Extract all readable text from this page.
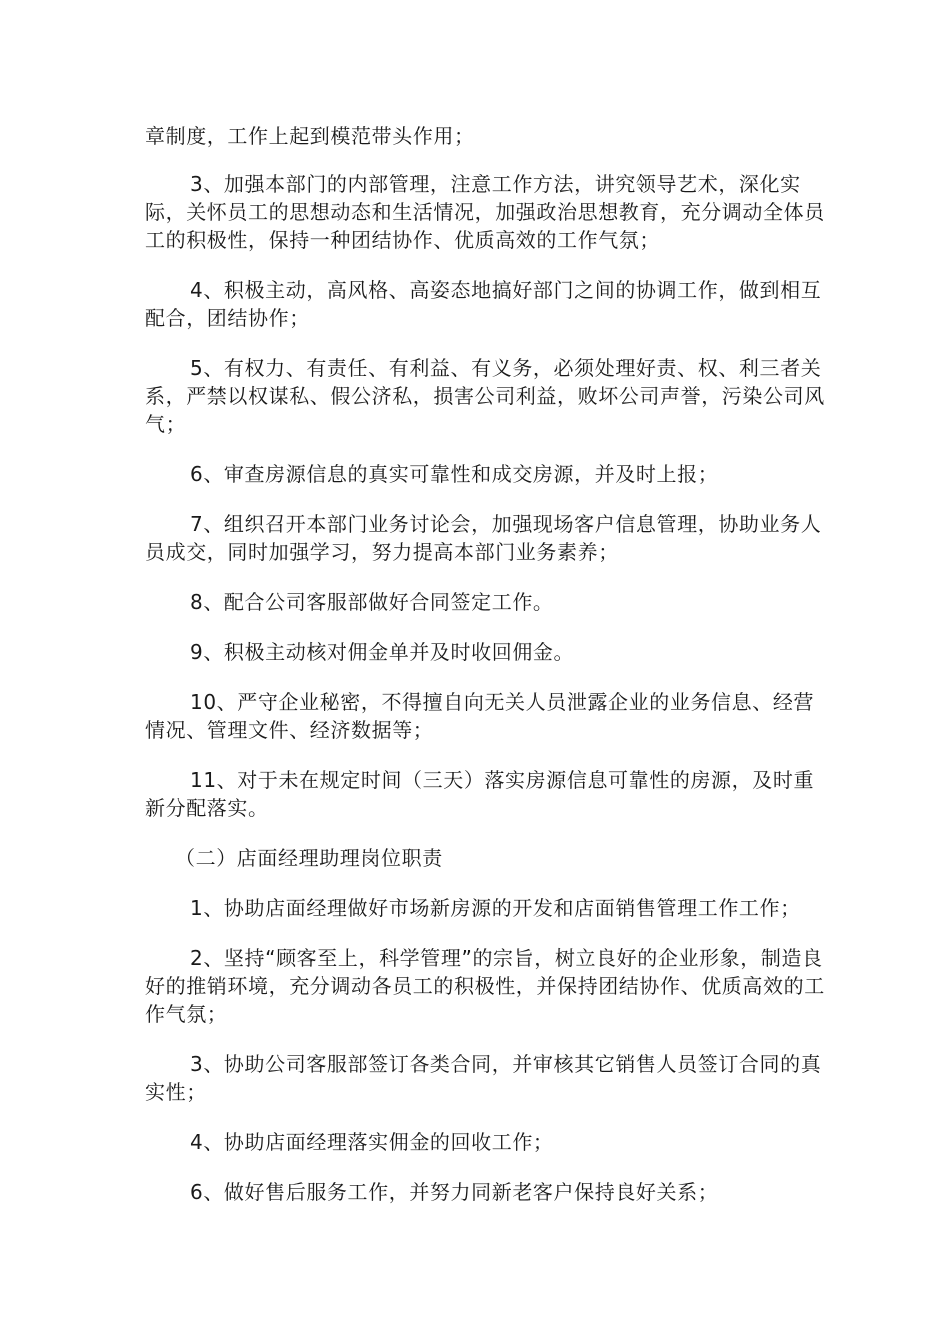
章制度，工作上起到模范带头作用；

3、加强本部门的内部管理，注意工作方法，讲究领导艺术，深化实际，关怀员工的思想动态和生活情况，加强政治思想教育，充分调动全体员工的积极性，保持一种团结协作、优质高效的工作气氛；

4、积极主动，高风格、高姿态地搞好部门之间的协调工作，做到相互配合，团结协作；

5、有权力、有责任、有利益、有义务，必须处理好责、权、利三者关系，严禁以权谋私、假公济私，损害公司利益，败坏公司声誉，污染公司风气；

6、审查房源信息的真实可靠性和成交房源，并及时上报；

7、组织召开本部门业务讨论会，加强现场客户信息管理，协助业务人员成交，同时加强学习，努力提高本部门业务素养；

8、配合公司客服部做好合同签定工作。

9、积极主动核对佣金单并及时收回佣金。

10、严守企业秘密，不得擅自向无关人员泄露企业的业务信息、经营情况、管理文件、经济数据等；

11、对于未在规定时间（三天）落实房源信息可靠性的房源，及时重新分配落实。

（二）店面经理助理岗位职责

1、协助店面经理做好市场新房源的开发和店面销售管理工作工作；

2、坚持“顾客至上，科学管理”的宗旨，树立良好的企业形象，制造良好的推销环境，充分调动各员工的积极性，并保持团结协作、优质高效的工作气氛；

3、协助公司客服部签订各类合同，并审核其它销售人员签订合同的真实性；

4、协助店面经理落实佣金的回收工作；

6、做好售后服务工作，并努力同新老客户保持良好关系；
